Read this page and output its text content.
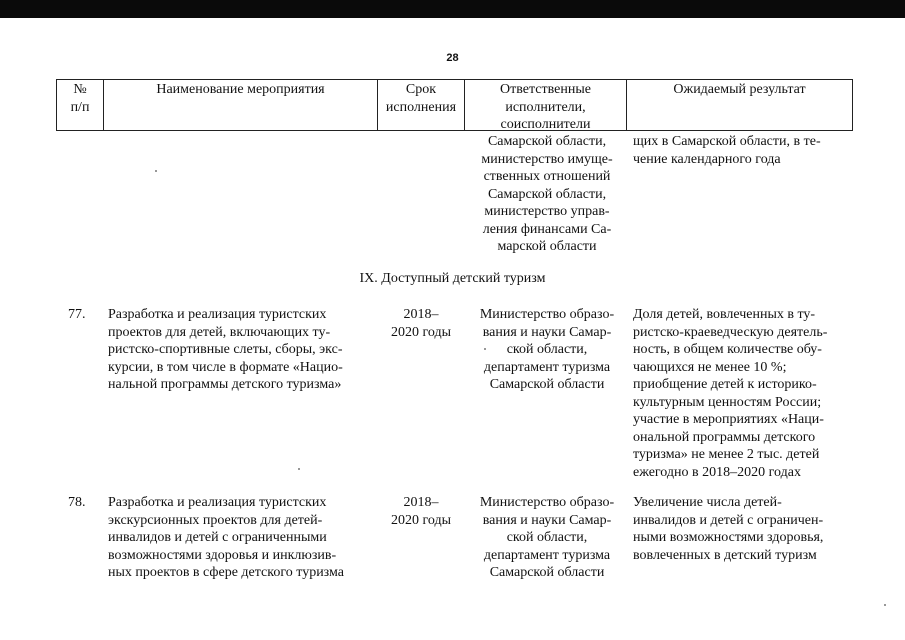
28
№
п/п
Наименование мероприятия	Срок
исполнения
Ответственные
исполнители,
соисполнители
Ожидаемый результат
Самарской области,
министерство имуще-
ственных отношений
Самарской области,
министерство управ-
ления финансами Са-
марской области
щих в Самарской области, в те-
чение календарного года
IX. Доступный детский туризм
77. Разработка и реализация туристских
проектов для детей, включающих ту-
ристско-спортивные слеты, сборы, экс-
курсии, в том числе в формате «Нацио-
нальной программы детского туризма»
2018–
2020 годы
Министерство образо-
вания и науки Самар-
ской области,
департамент туризма
Самарской области
Доля детей, вовлеченных в ту-
ристско-краеведческую деятель-
ность, в общем количестве обу-
чающихся не менее 10 %;
приобщение детей к историко-
культурным ценностям России;
участие в мероприятиях «Наци-
ональной программы детского
туризма» не менее 2 тыс. детей
ежегодно в 2018–2020 годах
78. Разработка и реализация туристских
экскурсионных проектов для детей-
инвалидов и детей с ограниченными
возможностями здоровья и инклюзив-
ных проектов в сфере детского туризма
2018–
2020 годы
Министерство образо-
вания и науки Самар-
ской области,
департамент туризма
Самарской области
Увеличение числа детей-
инвалидов и детей с ограничен-
ными возможностями здоровья,
вовлеченных в детский туризм
